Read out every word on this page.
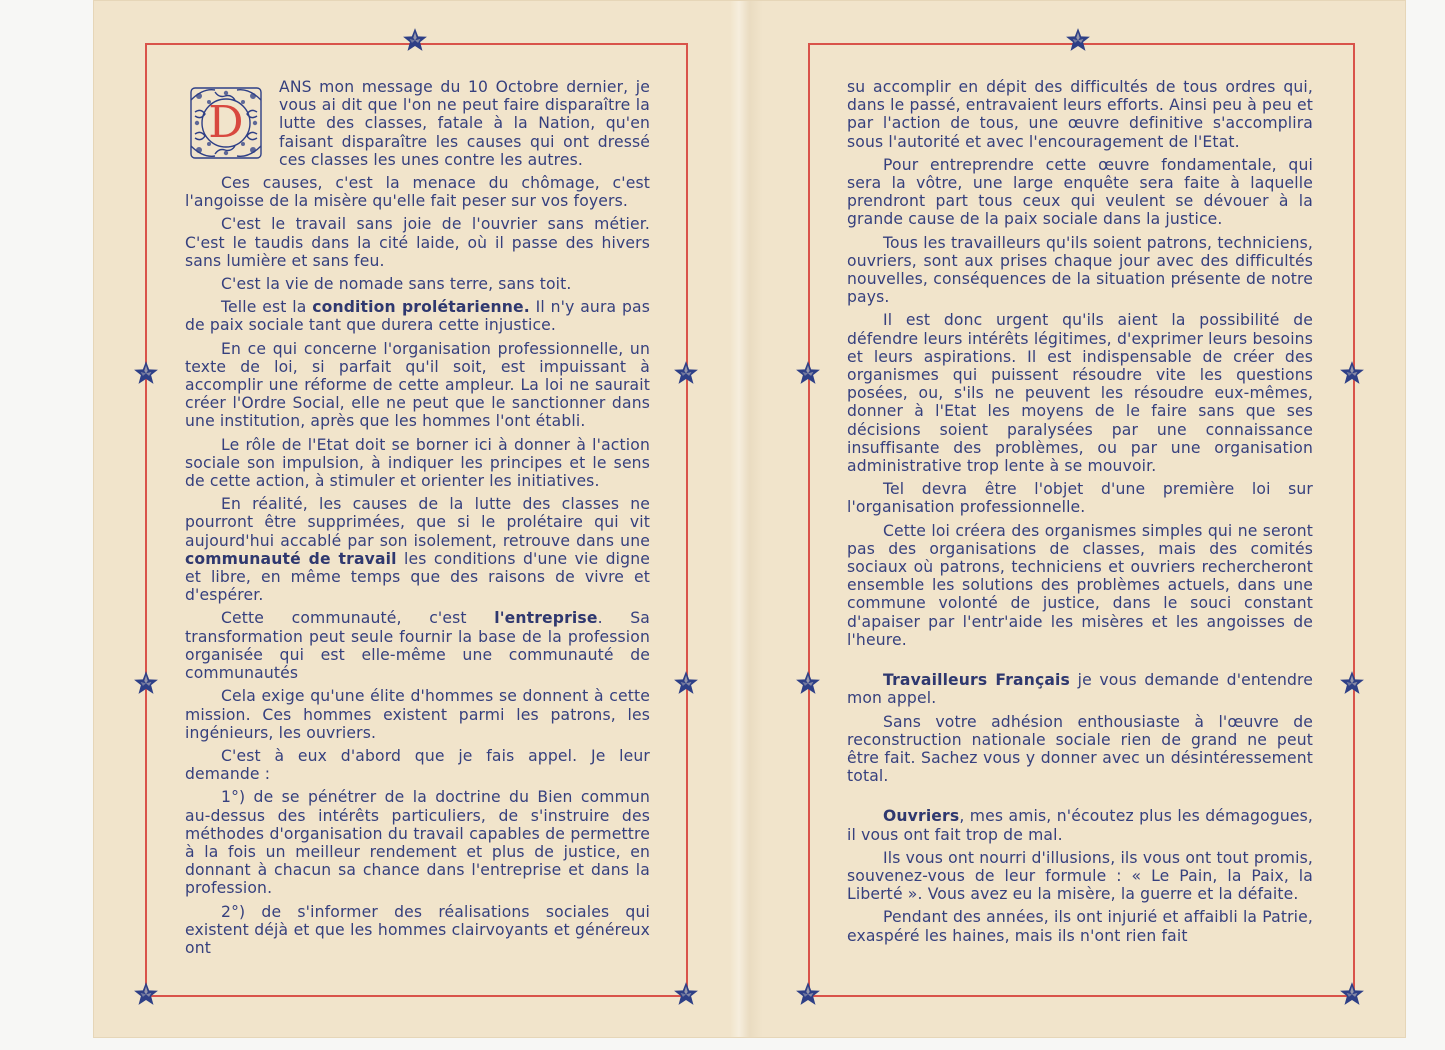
D
ANS mon message du 10 Octobre dernier, je vous ai dit que l'on ne peut faire disparaître la lutte des classes, fatale à la Nation, qu'en faisant disparaître les causes qui ont dressé ces classes les unes contre les autres.

Ces causes, c'est la menace du chômage, c'est l'angoisse de la misère qu'elle fait peser sur vos foyers.

C'est le travail sans joie de l'ouvrier sans métier. C'est le taudis dans la cité laide, où il passe des hivers sans lumière et sans feu.

C'est la vie de nomade sans terre, sans toit.

Telle est la condition prolétarienne. Il n'y aura pas de paix sociale tant que durera cette injustice.

En ce qui concerne l'organisation professionnelle, un texte de loi, si parfait qu'il soit, est impuissant à accomplir une réforme de cette ampleur. La loi ne saurait créer l'Ordre Social, elle ne peut que le sanctionner dans une institution, après que les hommes l'ont établi.

Le rôle de l'Etat doit se borner ici à donner à l'action sociale son impulsion, à indiquer les principes et le sens de cette action, à stimuler et orienter les initiatives.

En réalité, les causes de la lutte des classes ne pourront être supprimées, que si le prolétaire qui vit aujourd'hui accablé par son isolement, retrouve dans une communauté de travail les conditions d'une vie digne et libre, en même temps que des raisons de vivre et d'espérer.

Cette communauté, c'est l'entreprise. Sa transformation peut seule fournir la base de la profession organisée qui est elle-même une communauté de communautés

Cela exige qu'une élite d'hommes se donnent à cette mission. Ces hommes existent parmi les patrons, les ingénieurs, les ouvriers.

C'est à eux d'abord que je fais appel. Je leur demande :

1°) de se pénétrer de la doctrine du Bien commun au-dessus des intérêts particuliers, de s'instruire des méthodes d'organisation du travail capables de permettre à la fois un meilleur rendement et plus de justice, en donnant à chacun sa chance dans l'entreprise et dans la profession.

2°) de s'informer des réalisations sociales qui existent déjà et que les hommes clairvoyants et généreux ont

su accomplir en dépit des difficultés de tous ordres qui, dans le passé, entravaient leurs efforts. Ainsi peu à peu et par l'action de tous, une œuvre definitive s'accomplira sous l'autorité et avec l'encouragement de l'Etat.

Pour entreprendre cette œuvre fondamentale, qui sera la vôtre, une large enquête sera faite à laquelle prendront part tous ceux qui veulent se dévouer à la grande cause de la paix sociale dans la justice.

Tous les travailleurs qu'ils soient patrons, techniciens, ouvriers, sont aux prises chaque jour avec des difficultés nouvelles, conséquences de la situation présente de notre pays.

Il est donc urgent qu'ils aient la possibilité de défendre leurs intérêts légitimes, d'exprimer leurs besoins et leurs aspirations. Il est indispensable de créer des organismes qui puissent résoudre vite les questions posées, ou, s'ils ne peuvent les résoudre eux-mêmes, donner à l'Etat les moyens de le faire sans que ses décisions soient paralysées par une connaissance insuffisante des problèmes, ou par une organisation administrative trop lente à se mouvoir.

Tel devra être l'objet d'une première loi sur l'organisation professionnelle.

Cette loi créera des organismes simples qui ne seront pas des organisations de classes, mais des comités sociaux où patrons, techniciens et ouvriers rechercheront ensemble les solutions des problèmes actuels, dans une commune volonté de justice, dans le souci constant d'apaiser par l'entr'aide les misères et les angoisses de l'heure.

Travailleurs Français je vous demande d'entendre mon appel.

Sans votre adhésion enthousiaste à l'œuvre de reconstruction nationale sociale rien de grand ne peut être fait. Sachez vous y donner avec un désintéressement total.

Ouvriers, mes amis, n'écoutez plus les démagogues, il vous ont fait trop de mal.

Ils vous ont nourri d'illusions, ils vous ont tout promis, souvenez-vous de leur formule : « Le Pain, la Paix, la Liberté ». Vous avez eu la misère, la guerre et la défaite.

Pendant des années, ils ont injurié et affaibli la Patrie, exaspéré les haines, mais ils n'ont rien fait
